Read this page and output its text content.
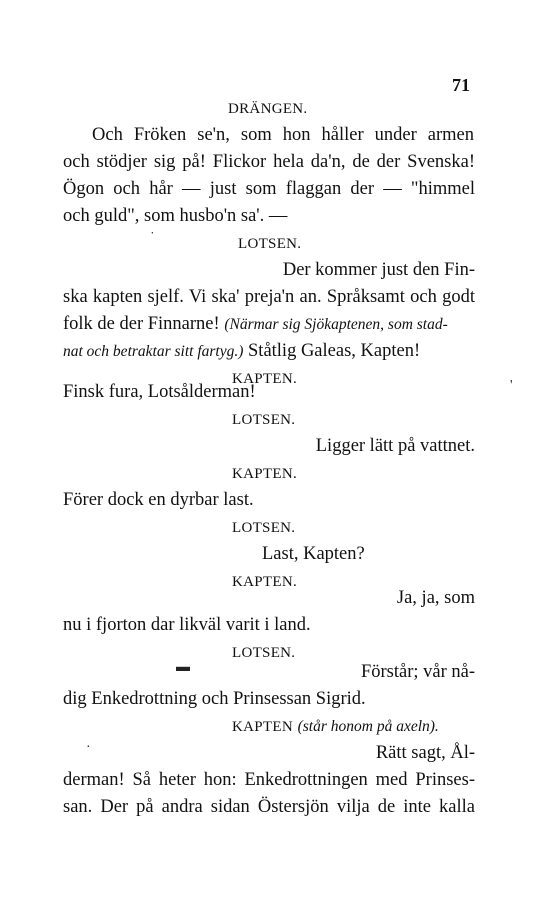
71
DRÄNGEN.
Och Fröken se'n, som hon håller under armen
och stödjer sig på! Flickor hela da'n, de der Svenska!
Ögon och hår — just som flaggan der — "himmel
och guld", som husbo'n sa'. —
˙	LOTSEN.
Der kommer just den Fin-
ska kapten sjelf. Vi ska' preja'n an. Språksamt och godt
folk de der Finnarne! (Närmar sig Sjökaptenen, som stad-
nat och betraktar sitt fartyg.) Ståtlig Galeas, Kapten!
KAPTEN.	'
Finsk fura, Lotsålderman!
LOTSEN.
Ligger lätt på vattnet.
KAPTEN.
Förer dock en dyrbar last.
LOTSEN.
Last, Kapten?
KAPTEN.
Ja, ja, som
nu i fjorton dar likväl varit i land.
LOTSEN.
▬	Förstår; vår nå-
dig Enkedrottning och Prinsessan Sigrid.
KAPTEN (står honom på axeln).
·	Rätt sagt, Ål-
derman! Så heter hon: Enkedrottningen med Prinses-
san. Der på andra sidan Östersjön vilja de inte kalla
